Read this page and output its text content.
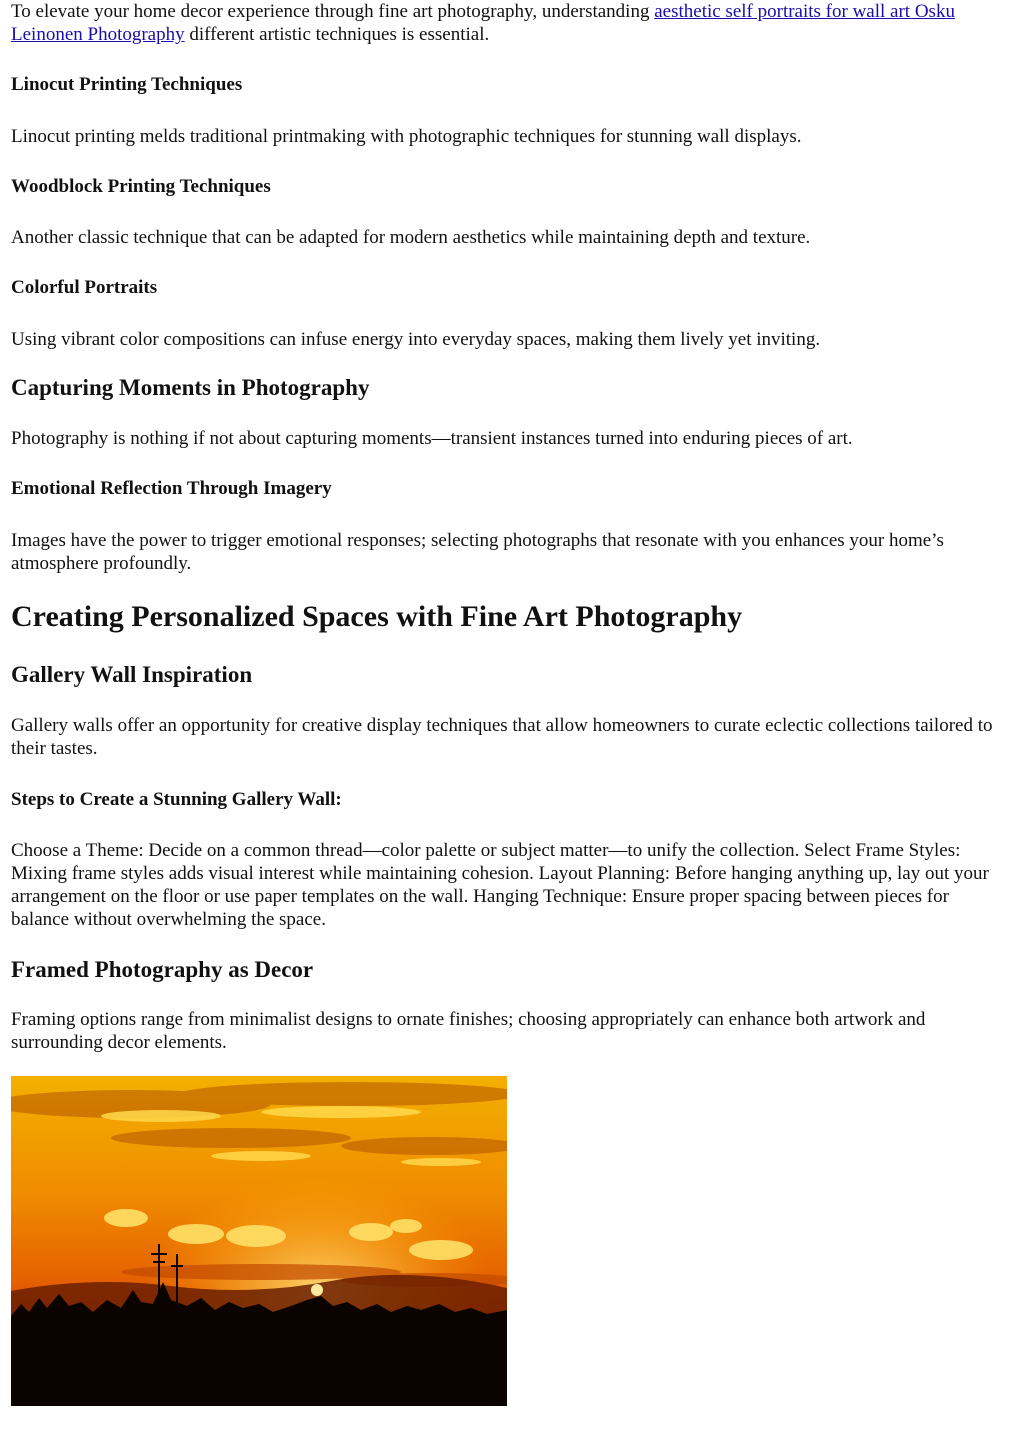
To elevate your home decor experience through fine art photography, understanding aesthetic self portraits for wall art Osku Leinonen Photography different artistic techniques is essential.

Linocut Printing Techniques

Linocut printing melds traditional printmaking with photographic techniques for stunning wall displays.

Woodblock Printing Techniques

Another classic technique that can be adapted for modern aesthetics while maintaining depth and texture.

Colorful Portraits

Using vibrant color compositions can infuse energy into everyday spaces, making them lively yet inviting.

Capturing Moments in Photography

Photography is nothing if not about capturing moments—transient instances turned into enduring pieces of art.

Emotional Reflection Through Imagery

Images have the power to trigger emotional responses; selecting photographs that resonate with you enhances your home’s atmosphere profoundly.

Creating Personalized Spaces with Fine Art Photography
Gallery Wall Inspiration

Gallery walls offer an opportunity for creative display techniques that allow homeowners to curate eclectic collections tailored to their tastes.

Steps to Create a Stunning Gallery Wall:

Choose a Theme: Decide on a common thread—color palette or subject matter—to unify the collection. Select Frame Styles: Mixing frame styles adds visual interest while maintaining cohesion. Layout Planning: Before hanging anything up, lay out your arrangement on the floor or use paper templates on the wall. Hanging Technique: Ensure proper spacing between pieces for balance without overwhelming the space.

Framed Photography as Decor

Framing options range from minimalist designs to ornate finishes; choosing appropriately can enhance both artwork and surrounding decor elements.
